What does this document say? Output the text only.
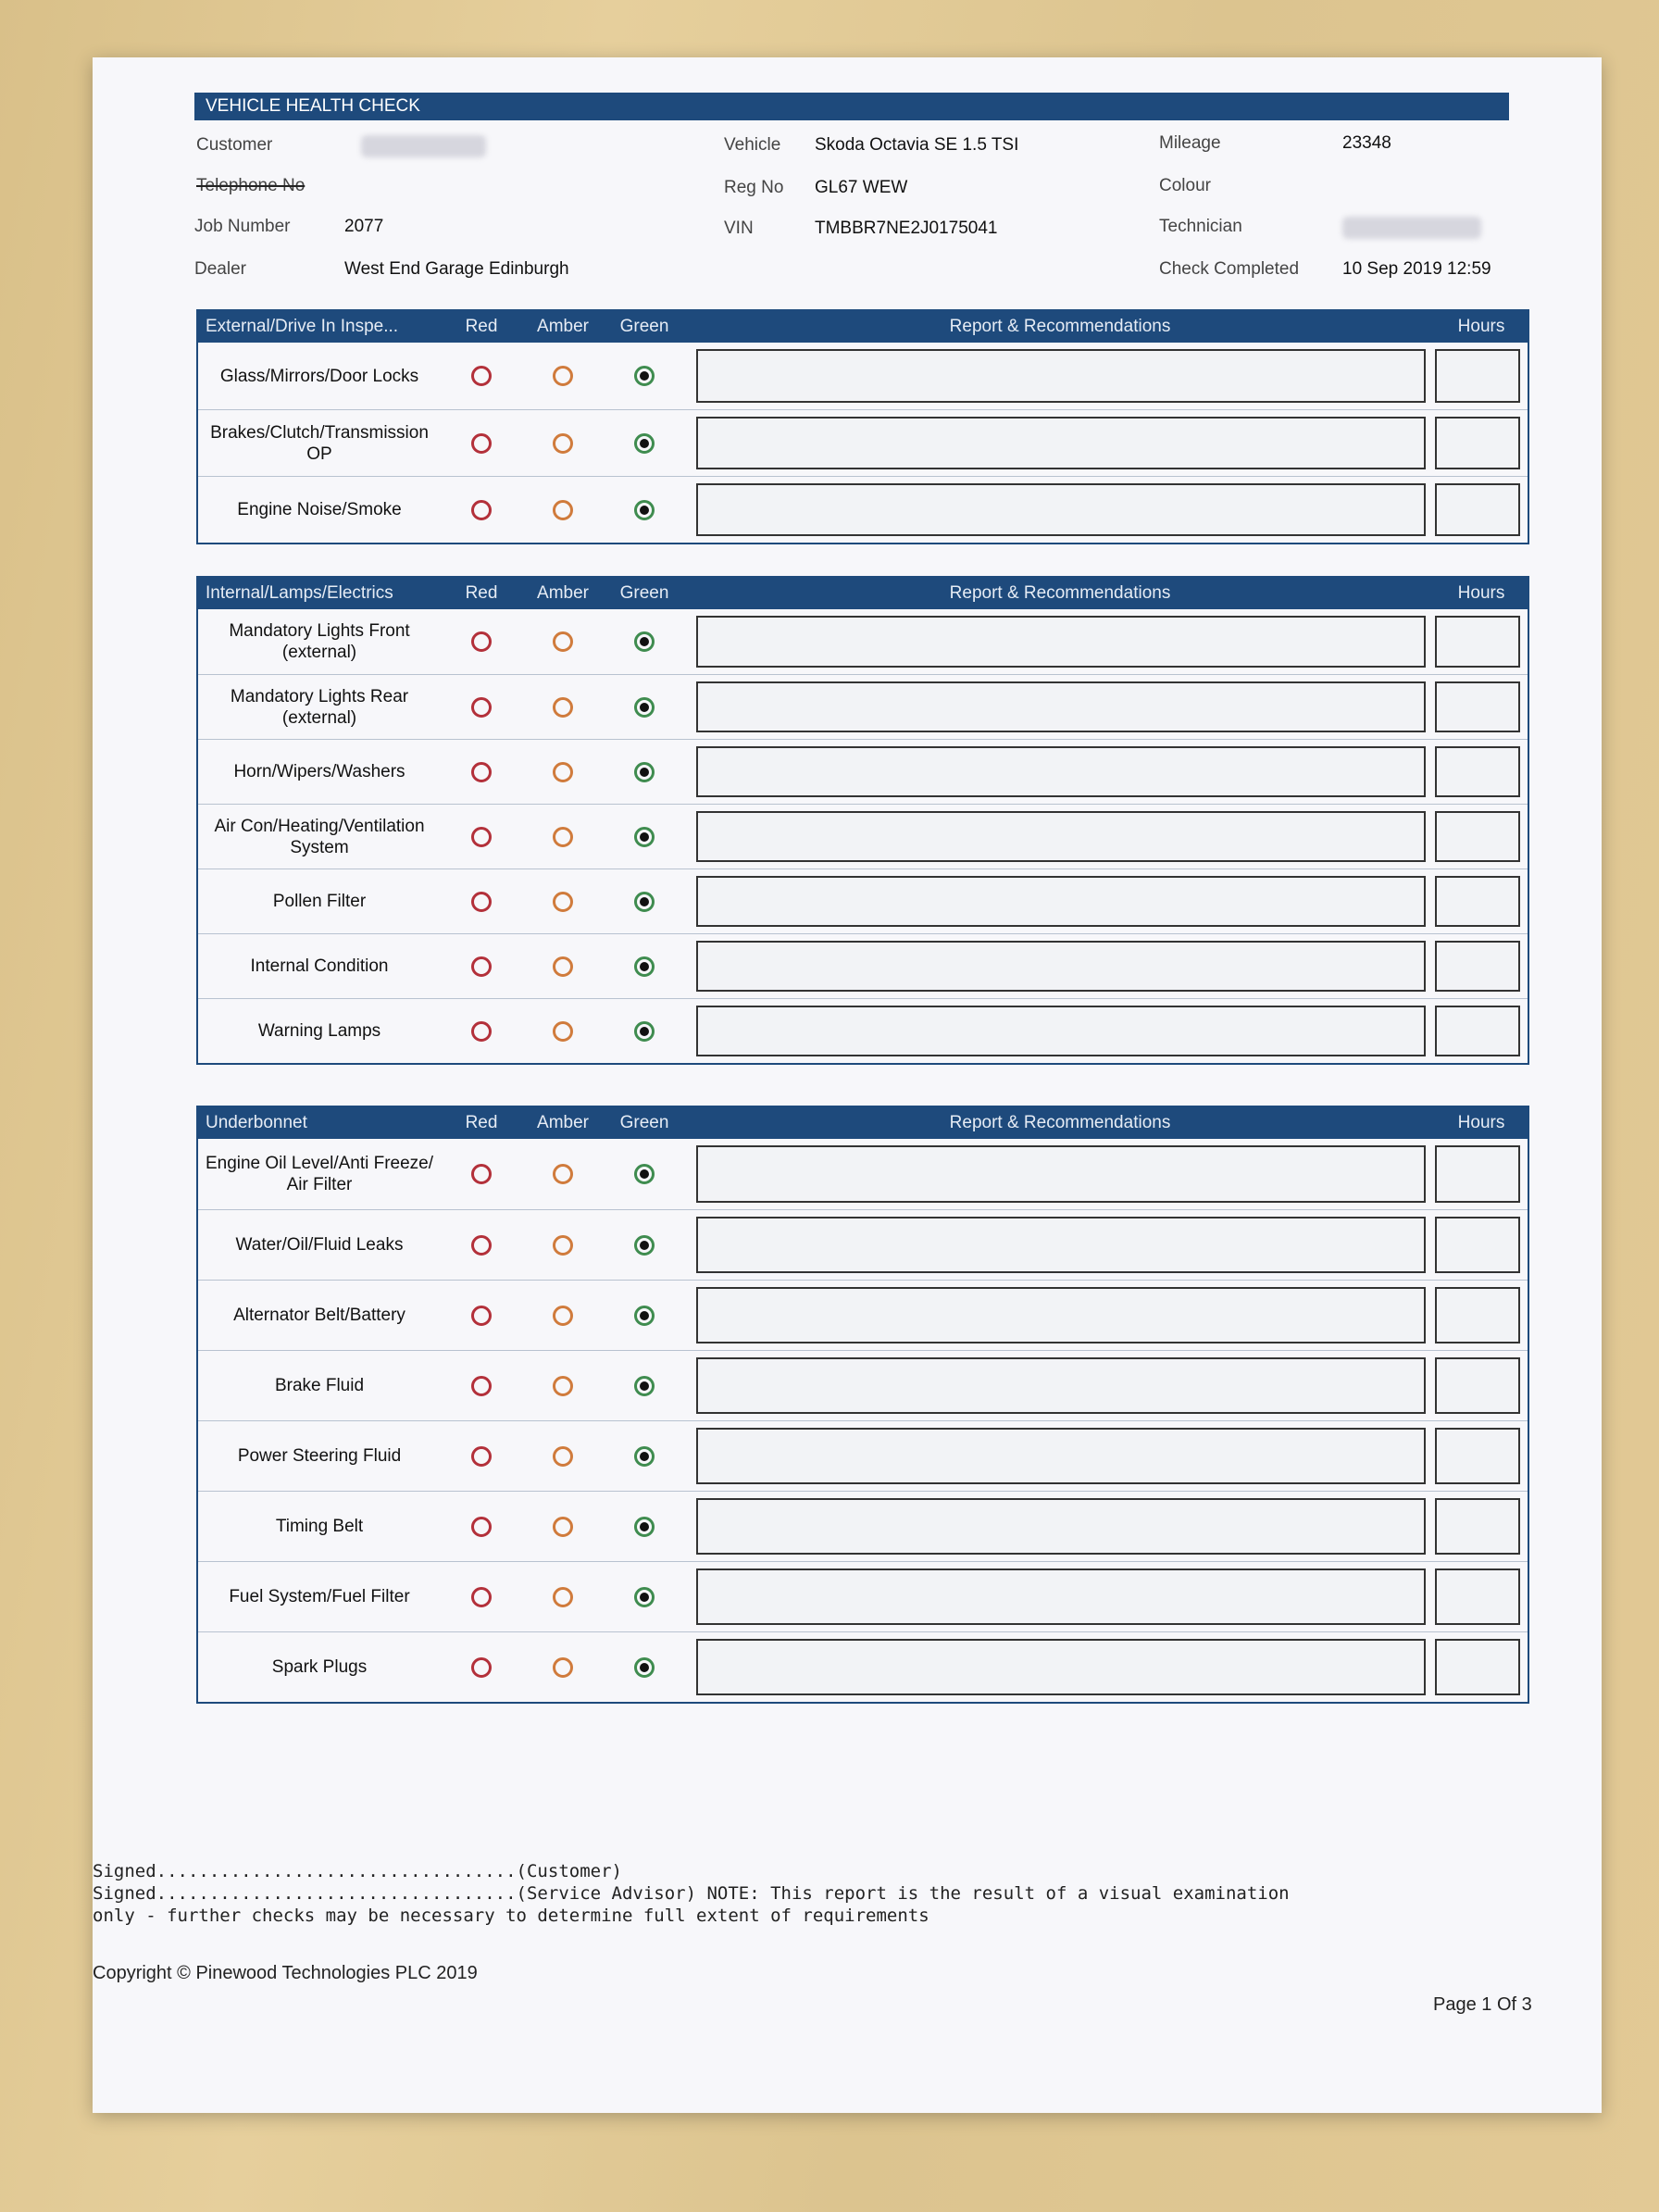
VEHICLE HEALTH CHECK
Customer
Telephone No
Job Number	2077
Dealer	West End Garage Edinburgh
Vehicle Skoda Octavia SE 1.5 TSI
Reg No GL67 WEW
VIN	TMBBR7NE2J0175041
Mileage	23348
Colour
Technician
Check Completed 10 Sep 2019 12:59
External/Drive In Inspe...	Red	Amber	Green	Report & Recommendations	Hours
Glass/Mirrors/Door Locks
Brakes/Clutch/Transmission OP
Engine Noise/Smoke
Internal/Lamps/Electrics	Red	Amber	Green	Report & Recommendations	Hours
Mandatory Lights Front (external)
Mandatory Lights Rear (external)
Horn/Wipers/Washers
Air Con/Heating/Ventilation System
Pollen Filter
Internal Condition
Warning Lamps
Underbonnet	Red	Amber	Green	Report & Recommendations	Hours
Engine Oil Level/Anti Freeze/ Air Filter
Water/Oil/Fluid Leaks
Alternator Belt/Battery
Brake Fluid
Power Steering Fluid
Timing Belt
Fuel System/Fuel Filter
Spark Plugs
Signed..................................(Customer)
Signed..................................(Service Advisor) NOTE: This report is the result of a visual examination
only - further checks may be necessary to determine full extent of requirements
Copyright © Pinewood Technologies PLC 2019
Page 1 Of 3
